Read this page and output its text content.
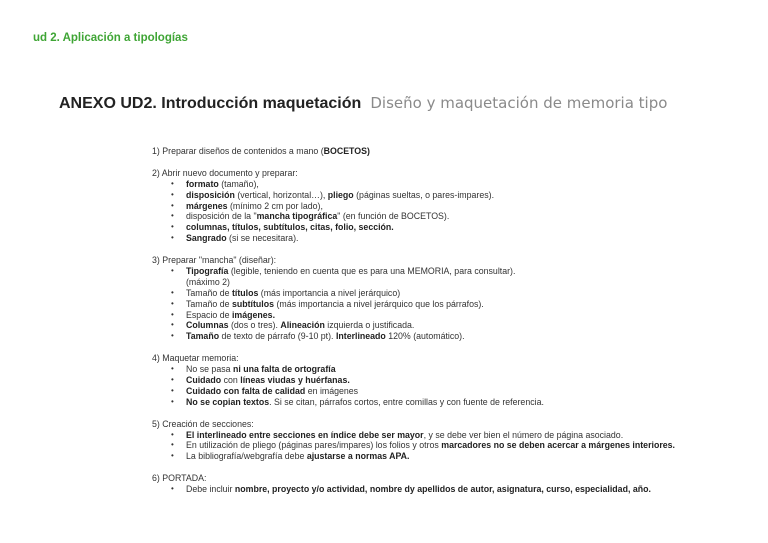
ud 2. Aplicación a tipologías
ANEXO UD2. Introducción maquetación Diseño y maquetación de memoria tipo
1) Preparar diseños de contenidos a mano (BOCETOS)
2) Abrir nuevo documento y preparar:
• formato (tamaño),
• disposición (vertical, horizontal…), pliego (páginas sueltas, o pares-impares).
• márgenes (mínimo 2 cm por lado),
• disposición de la "mancha tipográfica" (en función de BOCETOS).
• columnas, títulos, subtítulos, citas, folio, sección.
• Sangrado (si se necesitara).
3) Preparar "mancha" (diseñar):
• Tipografía (legible, teniendo en cuenta que es para una MEMORIA, para consultar).
(máximo 2)
• Tamaño de títulos (más importancia a nivel jerárquico)
• Tamaño de subtítulos (más importancia a nivel jerárquico que los párrafos).
• Espacio de imágenes.
• Columnas (dos o tres). Alineación izquierda o justificada.
• Tamaño de texto de párrafo (9-10 pt). Interlineado 120% (automático).
4) Maquetar memoria:
• No se pasa ni una falta de ortografía
• Cuidado con líneas viudas y huérfanas.
• Cuidado con falta de calidad en imágenes
• No se copian textos. Si se citan, párrafos cortos, entre comillas y con fuente de referencia.
5) Creación de secciones:
• El interlineado entre secciones en índice debe ser mayor, y se debe ver bien el número de página asociado.
• En utilización de pliego (páginas pares/impares) los folios y otros marcadores no se deben acercar a márgenes interiores.
• La bibliografía/webgrafía debe ajustarse a normas APA.
6) PORTADA:
• Debe incluir nombre, proyecto y/o actividad, nombre dy apellidos de autor, asignatura, curso, especialidad, año.
